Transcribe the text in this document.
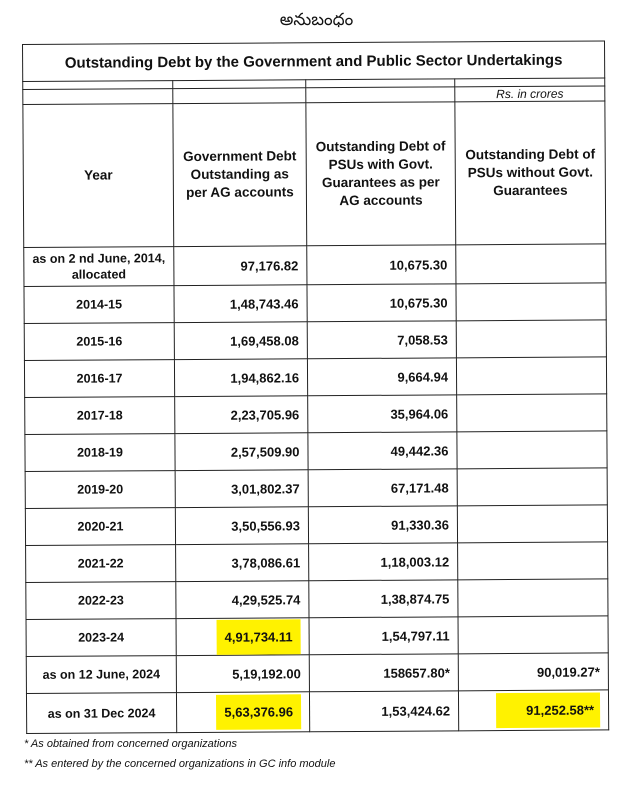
అనుబంధం
Outstanding Debt by the Government and Public Sector Undertakings			

			Rs. in crores
Year	Government Debt Outstanding as per AG accounts	Outstanding Debt of PSUs with Govt. Guarantees as per AG accounts	Outstanding Debt of PSUs without Govt. Guarantees
as on 2 nd June, 2014, allocated	97,176.82	10,675.30	
2014-15	1,48,743.46	10,675.30	
2015-16	1,69,458.08	7,058.53	
2016-17	1,94,862.16	9,664.94	
2017-18	2,23,705.96	35,964.06	
2018-19	2,57,509.90	49,442.36	
2019-20	3,01,802.37	67,171.48	
2020-21	3,50,556.93	91,330.36	
2021-22	3,78,086.61	1,18,003.12	
2022-23	4,29,525.74	1,38,874.75	
2023-24	4,91,734.11	1,54,797.11	
as on 12 June, 2024	5,19,192.00	158657.80*	90,019.27*
as on 31 Dec 2024	5,63,376.96	1,53,424.62	91,252.58**
* As obtained from concerned organizations
** As entered by the concerned organizations in GC info module
